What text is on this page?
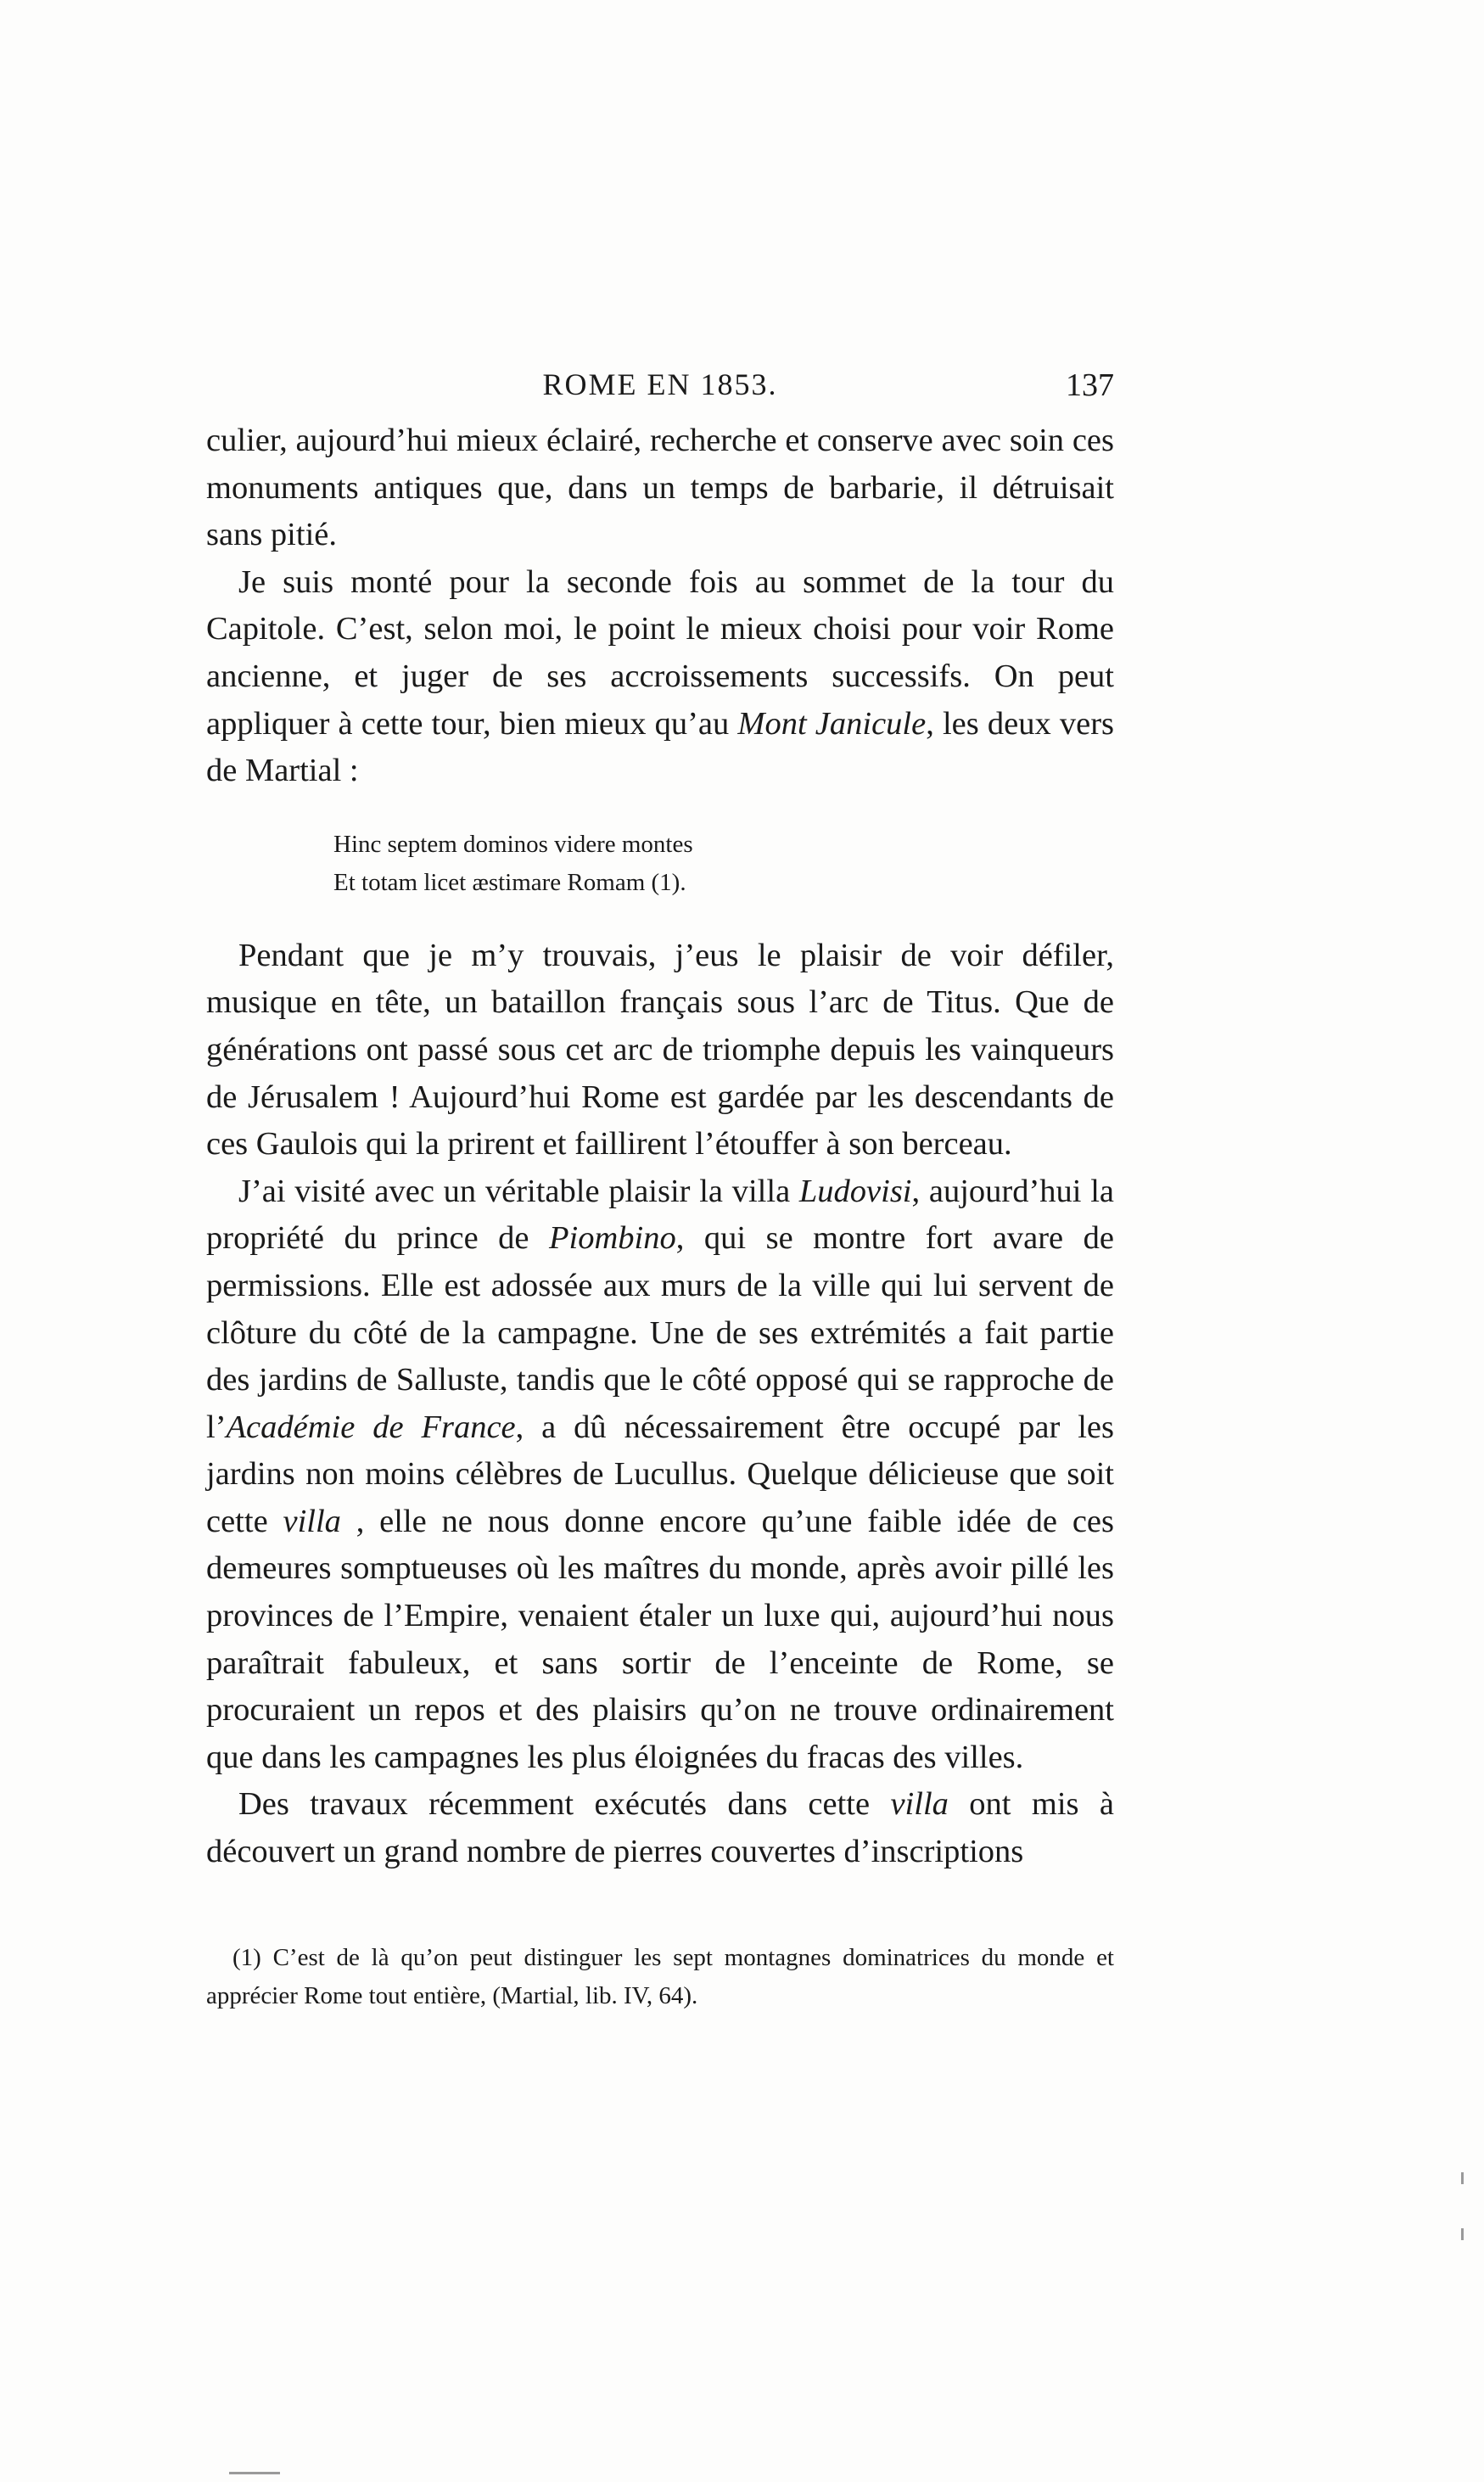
ROME EN 1853.	137

culier, aujourd’hui mieux éclairé, recherche et conserve avec soin ces monuments antiques que, dans un temps de barbarie, il détruisait sans pitié.

Je suis monté pour la seconde fois au sommet de la tour du Capitole. C’est, selon moi, le point le mieux choisi pour voir Rome ancienne, et juger de ses accroissements successifs. On peut appliquer à cette tour, bien mieux qu’au Mont Janicule, les deux vers de Martial :

Hinc septem dominos videre montes
Et totam licet æstimare Romam (1).

Pendant que je m’y trouvais, j’eus le plaisir de voir défiler, musique en tête, un bataillon français sous l’arc de Titus. Que de générations ont passé sous cet arc de triomphe depuis les vainqueurs de Jérusalem ! Aujourd’hui Rome est gardée par les descendants de ces Gaulois qui la prirent et faillirent l’étouffer à son berceau.

J’ai visité avec un véritable plaisir la villa Ludovisi, aujourd’hui la propriété du prince de Piombino, qui se montre fort avare de permissions. Elle est adossée aux murs de la ville qui lui servent de clôture du côté de la campagne. Une de ses extrémités a fait partie des jardins de Salluste, tandis que le côté opposé qui se rapproche de l’Académie de France, a dû nécessairement être occupé par les jardins non moins célèbres de Lucullus. Quelque délicieuse que soit cette villa , elle ne nous donne encore qu’une faible idée de ces demeures somptueuses où les maîtres du monde, après avoir pillé les provinces de l’Empire, venaient étaler un luxe qui, aujourd’hui nous paraîtrait fabuleux, et sans sortir de l’enceinte de Rome, se procuraient un repos et des plaisirs qu’on ne trouve ordinairement que dans les campagnes les plus éloignées du fracas des villes.

Des travaux récemment exécutés dans cette villa ont mis à découvert un grand nombre de pierres couvertes d’inscriptions

(1) C’est de là qu’on peut distinguer les sept montagnes dominatrices du monde et apprécier Rome tout entière, (Martial, lib. IV, 64).
